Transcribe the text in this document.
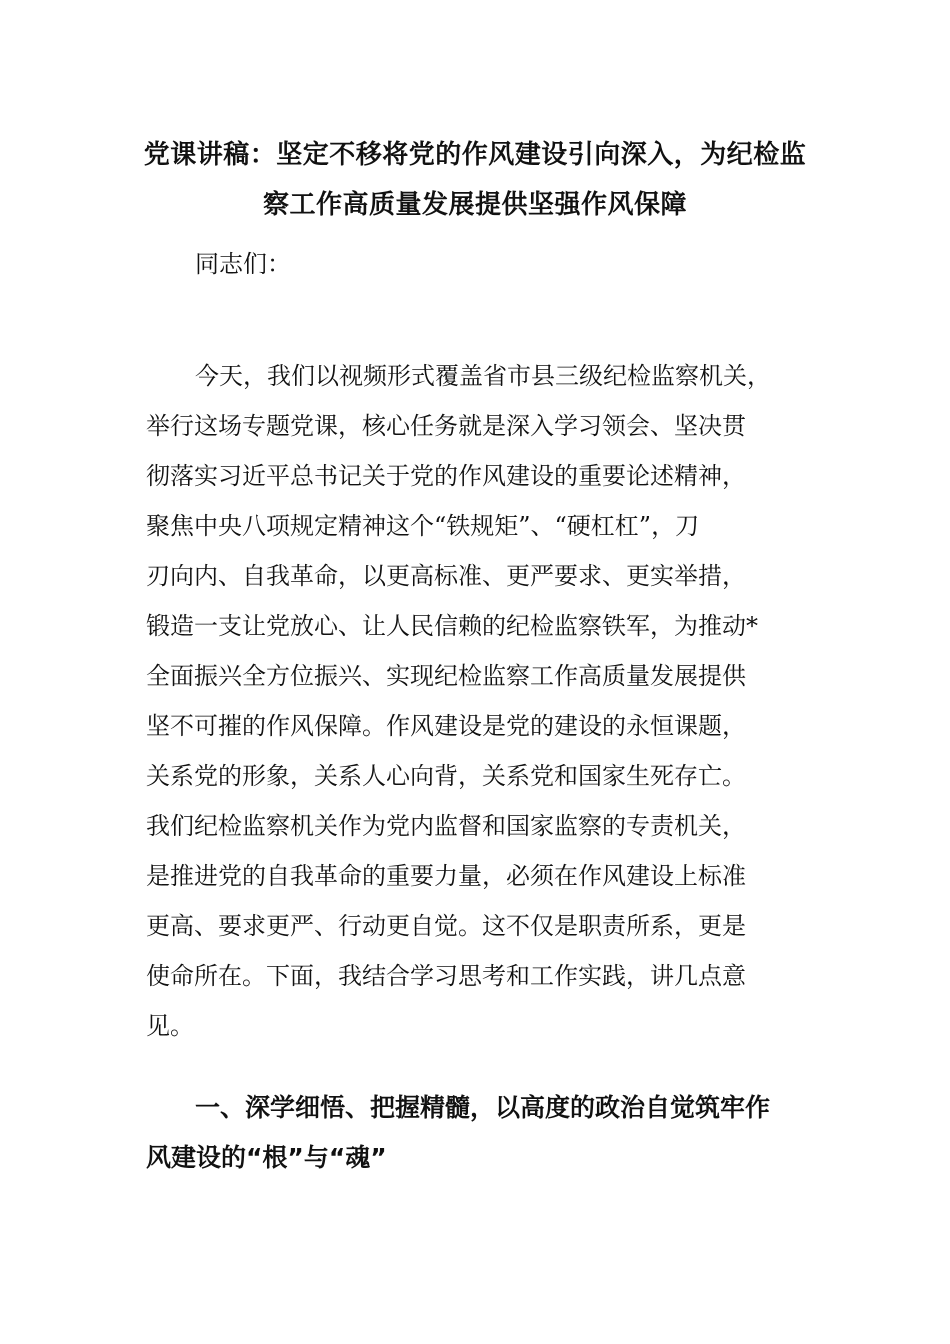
党课讲稿：坚定不移将党的作风建设引向深入，为纪检监
察工作高质量发展提供坚强作风保障

同志们：

今天，我们以视频形式覆盖省市县三级纪检监察机关，
举行这场专题党课，核心任务就是深入学习领会、坚决贯
彻落实习近平总书记关于党的作风建设的重要论述精神，
聚焦中央八项规定精神这个“铁规矩”、“硬杠杠”，刀
刃向内、自我革命，以更高标准、更严要求、更实举措，
锻造一支让党放心、让人民信赖的纪检监察铁军，为推动*
全面振兴全方位振兴、实现纪检监察工作高质量发展提供
坚不可摧的作风保障。作风建设是党的建设的永恒课题，
关系党的形象，关系人心向背，关系党和国家生死存亡。
我们纪检监察机关作为党内监督和国家监察的专责机关，
是推进党的自我革命的重要力量，必须在作风建设上标准
更高、要求更严、行动更自觉。这不仅是职责所系，更是
使命所在。下面，我结合学习思考和工作实践，讲几点意
见。

一、深学细悟、把握精髓，以高度的政治自觉筑牢作
风建设的“根”与“魂”
